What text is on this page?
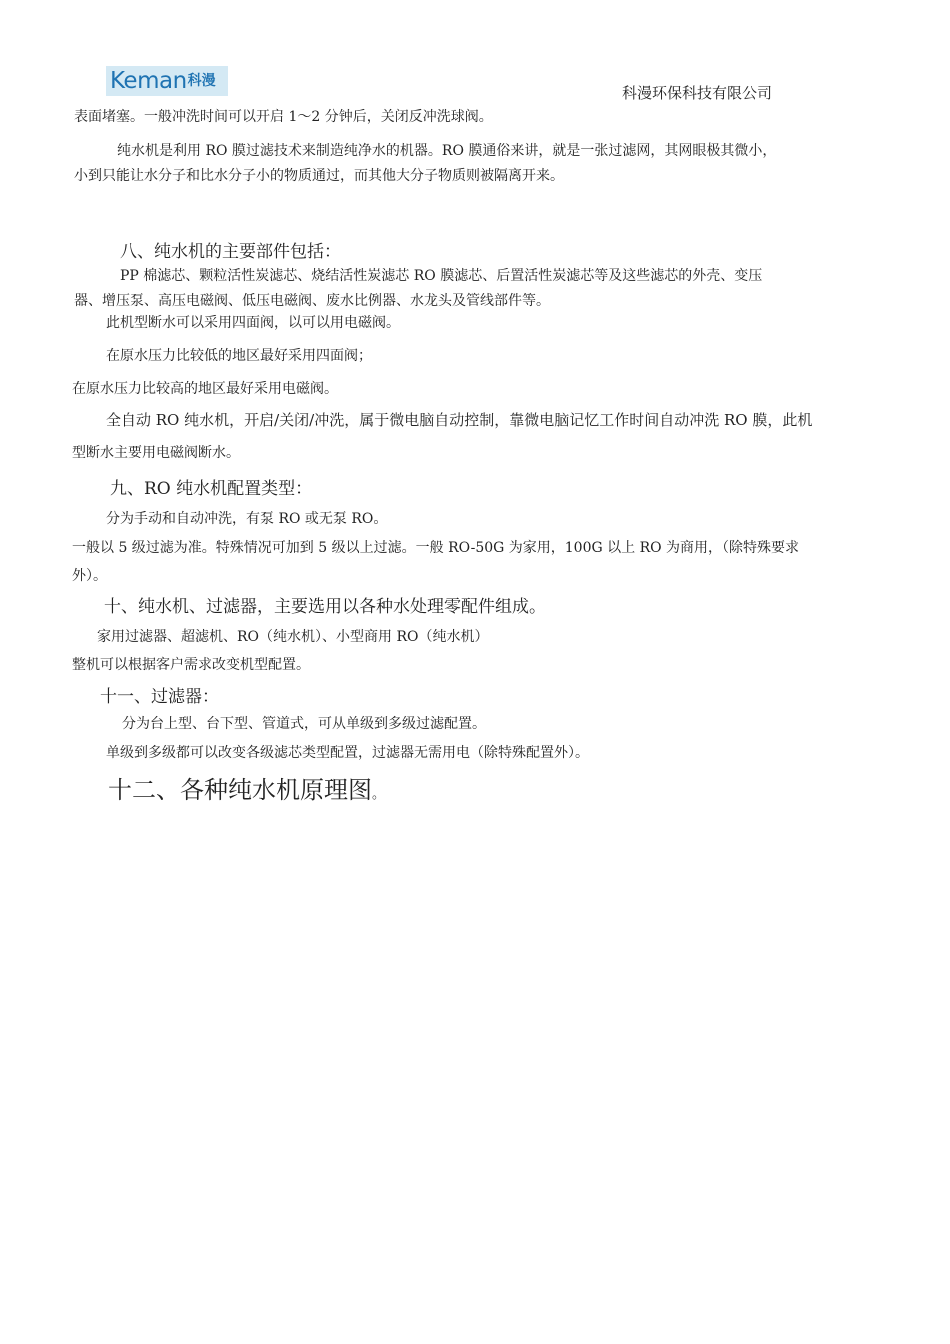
Keman 科漫
科漫环保科技有限公司
表面堵塞。一般冲洗时间可以开启 1～2 分钟后，关闭反冲洗球阀。
纯水机是利用 RO 膜过滤技术来制造纯净水的机器。RO 膜通俗来讲，就是一张过滤网，其网眼极其微小，
小到只能让水分子和比水分子小的物质通过，而其他大分子物质则被隔离开来。
八、纯水机的主要部件包括：
PP 棉滤芯、颗粒活性炭滤芯、烧结活性炭滤芯 RO 膜滤芯、后置活性炭滤芯等及这些滤芯的外壳、变压
器、增压泵、高压电磁阀、低压电磁阀、废水比例器、水龙头及管线部件等。
此机型断水可以采用四面阀，以可以用电磁阀。
在原水压力比较低的地区最好采用四面阀；
在原水压力比较高的地区最好采用电磁阀。
全自动 RO 纯水机，开启/关闭/冲洗，属于微电脑自动控制，靠微电脑记忆工作时间自动冲洗 RO 膜，此机
型断水主要用电磁阀断水。
九、RO 纯水机配置类型：
分为手动和自动冲洗，有泵 RO 或无泵 RO。
一般以 5 级过滤为准。特殊情况可加到 5 级以上过滤。一般 RO-50G 为家用，100G 以上 RO 为商用，（除特殊要求
外）。
十、纯水机、过滤器，主要选用以各种水处理零配件组成。
家用过滤器、超滤机、RO（纯水机）、小型商用 RO（纯水机）
整机可以根据客户需求改变机型配置。
十一、过滤器：
分为台上型、台下型、管道式，可从单级到多级过滤配置。
单级到多级都可以改变各级滤芯类型配置，过滤器无需用电（除特殊配置外）。
十二、各种纯水机原理图。
